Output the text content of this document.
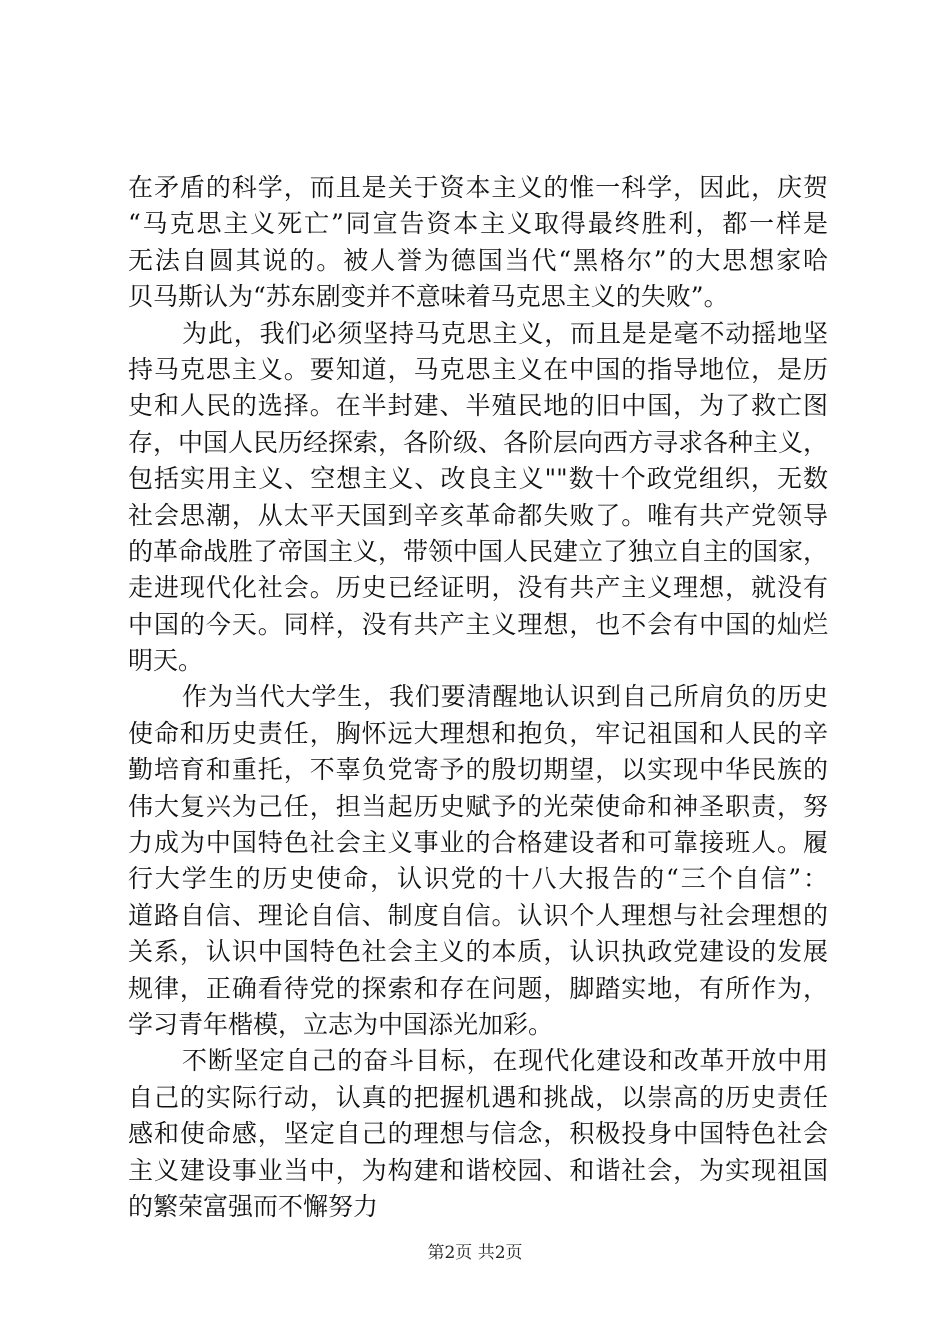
在矛盾的科学，而且是关于资本主义的惟一科学，因此，庆贺
“马克思主义死亡”同宣告资本主义取得最终胜利，都一样是
无法自圆其说的。被人誉为德国当代“黑格尔”的大思想家哈
贝马斯认为“苏东剧变并不意味着马克思主义的失败”。
为此，我们必须坚持马克思主义，而且是是毫不动摇地坚
持马克思主义。要知道，马克思主义在中国的指导地位，是历
史和人民的选择。在半封建、半殖民地的旧中国，为了救亡图
存，中国人民历经探索，各阶级、各阶层向西方寻求各种主义，
包括实用主义、空想主义、改良主义""数十个政党组织，无数
社会思潮，从太平天国到辛亥革命都失败了。唯有共产党领导
的革命战胜了帝国主义，带领中国人民建立了独立自主的国家，
走进现代化社会。历史已经证明，没有共产主义理想，就没有
中国的今天。同样，没有共产主义理想，也不会有中国的灿烂
明天。
作为当代大学生，我们要清醒地认识到自己所肩负的历史
使命和历史责任，胸怀远大理想和抱负，牢记祖国和人民的辛
勤培育和重托，不辜负党寄予的殷切期望，以实现中华民族的
伟大复兴为己任，担当起历史赋予的光荣使命和神圣职责，努
力成为中国特色社会主义事业的合格建设者和可靠接班人。履
行大学生的历史使命，认识党的十八大报告的“三个自信”：
道路自信、理论自信、制度自信。认识个人理想与社会理想的
关系，认识中国特色社会主义的本质，认识执政党建设的发展
规律，正确看待党的探索和存在问题，脚踏实地，有所作为，
学习青年楷模，立志为中国添光加彩。
不断坚定自己的奋斗目标，在现代化建设和改革开放中用
自己的实际行动，认真的把握机遇和挑战，以崇高的历史责任
感和使命感，坚定自己的理想与信念，积极投身中国特色社会
主义建设事业当中，为构建和谐校园、和谐社会，为实现祖国
的繁荣富强而不懈努力
第2页 共2页
